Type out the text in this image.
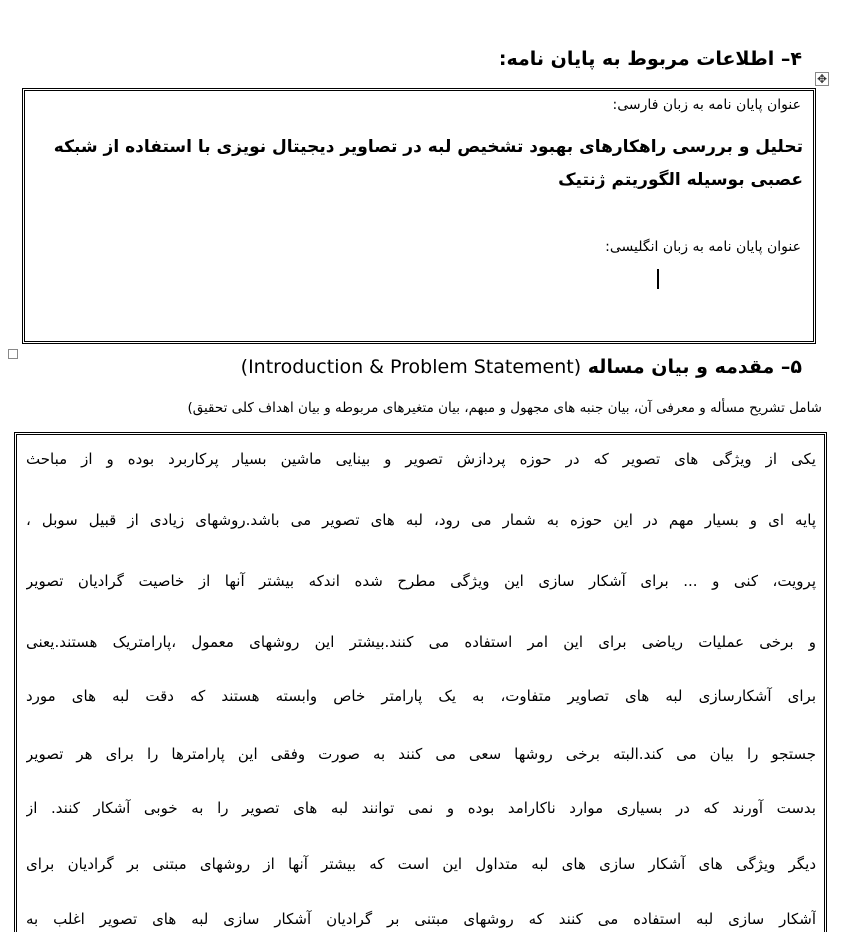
✥
۴– اطلاعات مربوط به پایان نامه:
عنوان پایان نامه به زبان فارسی:
تحلیل و بررسی راهکارهای بهبود تشخیص لبه در تصاویر دیجیتال نویزی با استفاده از شبکه عصبی بوسیله الگوریتم ژنتیک
عنوان پایان نامه به زبان انگلیسی:
۵– مقدمه و بیان مساله (Introduction & Problem Statement)
شامل تشریح مسأله و معرفی آن، بیان جنبه های مجهول و مبهم، بیان متغیرهای مربوطه و بیان اهداف کلی تحقیق)
یکی از ویژگی های تصویر که در حوزه پردازش تصویر و بینایی ماشین بسیار پرکاربرد بوده و از مباحث
پایه ای و بسیار مهم در این حوزه به شمار می رود، لبه های تصویر می باشد.روشهای زیادی از قبیل سوبل ،
پرویت، کنی و ... برای آشکار سازی این ویژگی مطرح شده اندکه بیشتر آنها از خاصیت گرادیان تصویر
و برخی عملیات ریاضی برای این امر استفاده می کنند.بیشتر این روشهای معمول ،پارامتریک هستند.یعنی
برای آشکارسازی لبه های تصاویر متفاوت، به یک پارامتر خاص وابسته هستند که دقت لبه های مورد
جستجو را بیان می کند.البته برخی روشها سعی می کنند به صورت وفقی این پارامترها را برای هر تصویر
بدست آورند که در بسیاری موارد ناکارامد بوده و نمی توانند لبه های تصویر را به خوبی آشکار کنند. از
دیگر ویژگی های آشکار سازی های لبه متداول این است که بیشتر آنها از روشهای مبتنی بر گرادیان برای
آشکار سازی لبه استفاده می کنند که روشهای مبتنی بر گرادیان آشکار سازی لبه های تصویر اغلب به
